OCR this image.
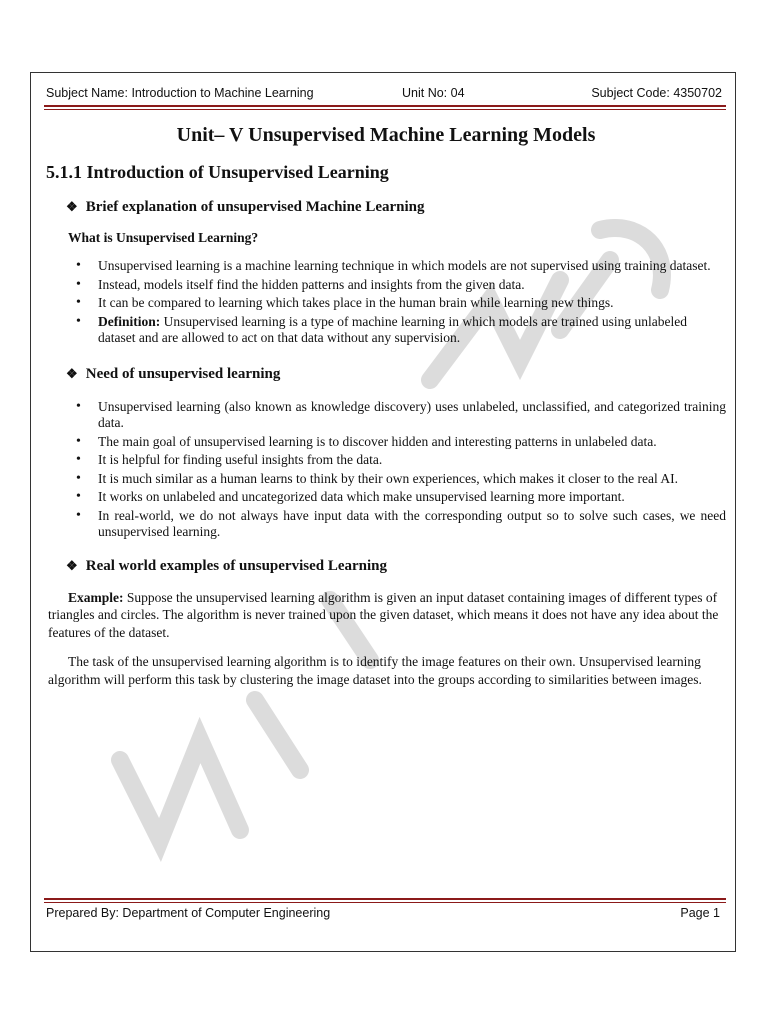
Subject Name: Introduction to Machine Learning	Unit No: 04	Subject Code: 4350702
Unit– V Unsupervised Machine Learning Models
5.1.1 Introduction of Unsupervised Learning
❖ Brief explanation of unsupervised Machine Learning

What is Unsupervised Learning?

• Unsupervised learning is a machine learning technique in which models are not supervised using training dataset.
• Instead, models itself find the hidden patterns and insights from the given data.
• It can be compared to learning which takes place in the human brain while learning new things.
• Definition: Unsupervised learning is a type of machine learning in which models are trained using unlabeled dataset and are allowed to act on that data without any supervision.
❖ Need of unsupervised learning
• Unsupervised learning (also known as knowledge discovery) uses unlabeled, unclassified, and categorized training data.
• The main goal of unsupervised learning is to discover hidden and interesting patterns in unlabeled data.
• It is helpful for finding useful insights from the data.
• It is much similar as a human learns to think by their own experiences, which makes it closer to the real AI.
• It works on unlabeled and uncategorized data which make unsupervised learning more important.
• In real-world, we do not always have input data with the corresponding output so to solve such cases, we need unsupervised learning.
❖ Real world examples of unsupervised Learning

Example: Suppose the unsupervised learning algorithm is given an input dataset containing images of different types of triangles and circles. The algorithm is never trained upon the given dataset, which means it does not have any idea about the features of the dataset.

The task of the unsupervised learning algorithm is to identify the image features on their own. Unsupervised learning algorithm will perform this task by clustering the image dataset into the groups according to similarities between images.

Prepared By: Department of Computer Engineering	Page 1
